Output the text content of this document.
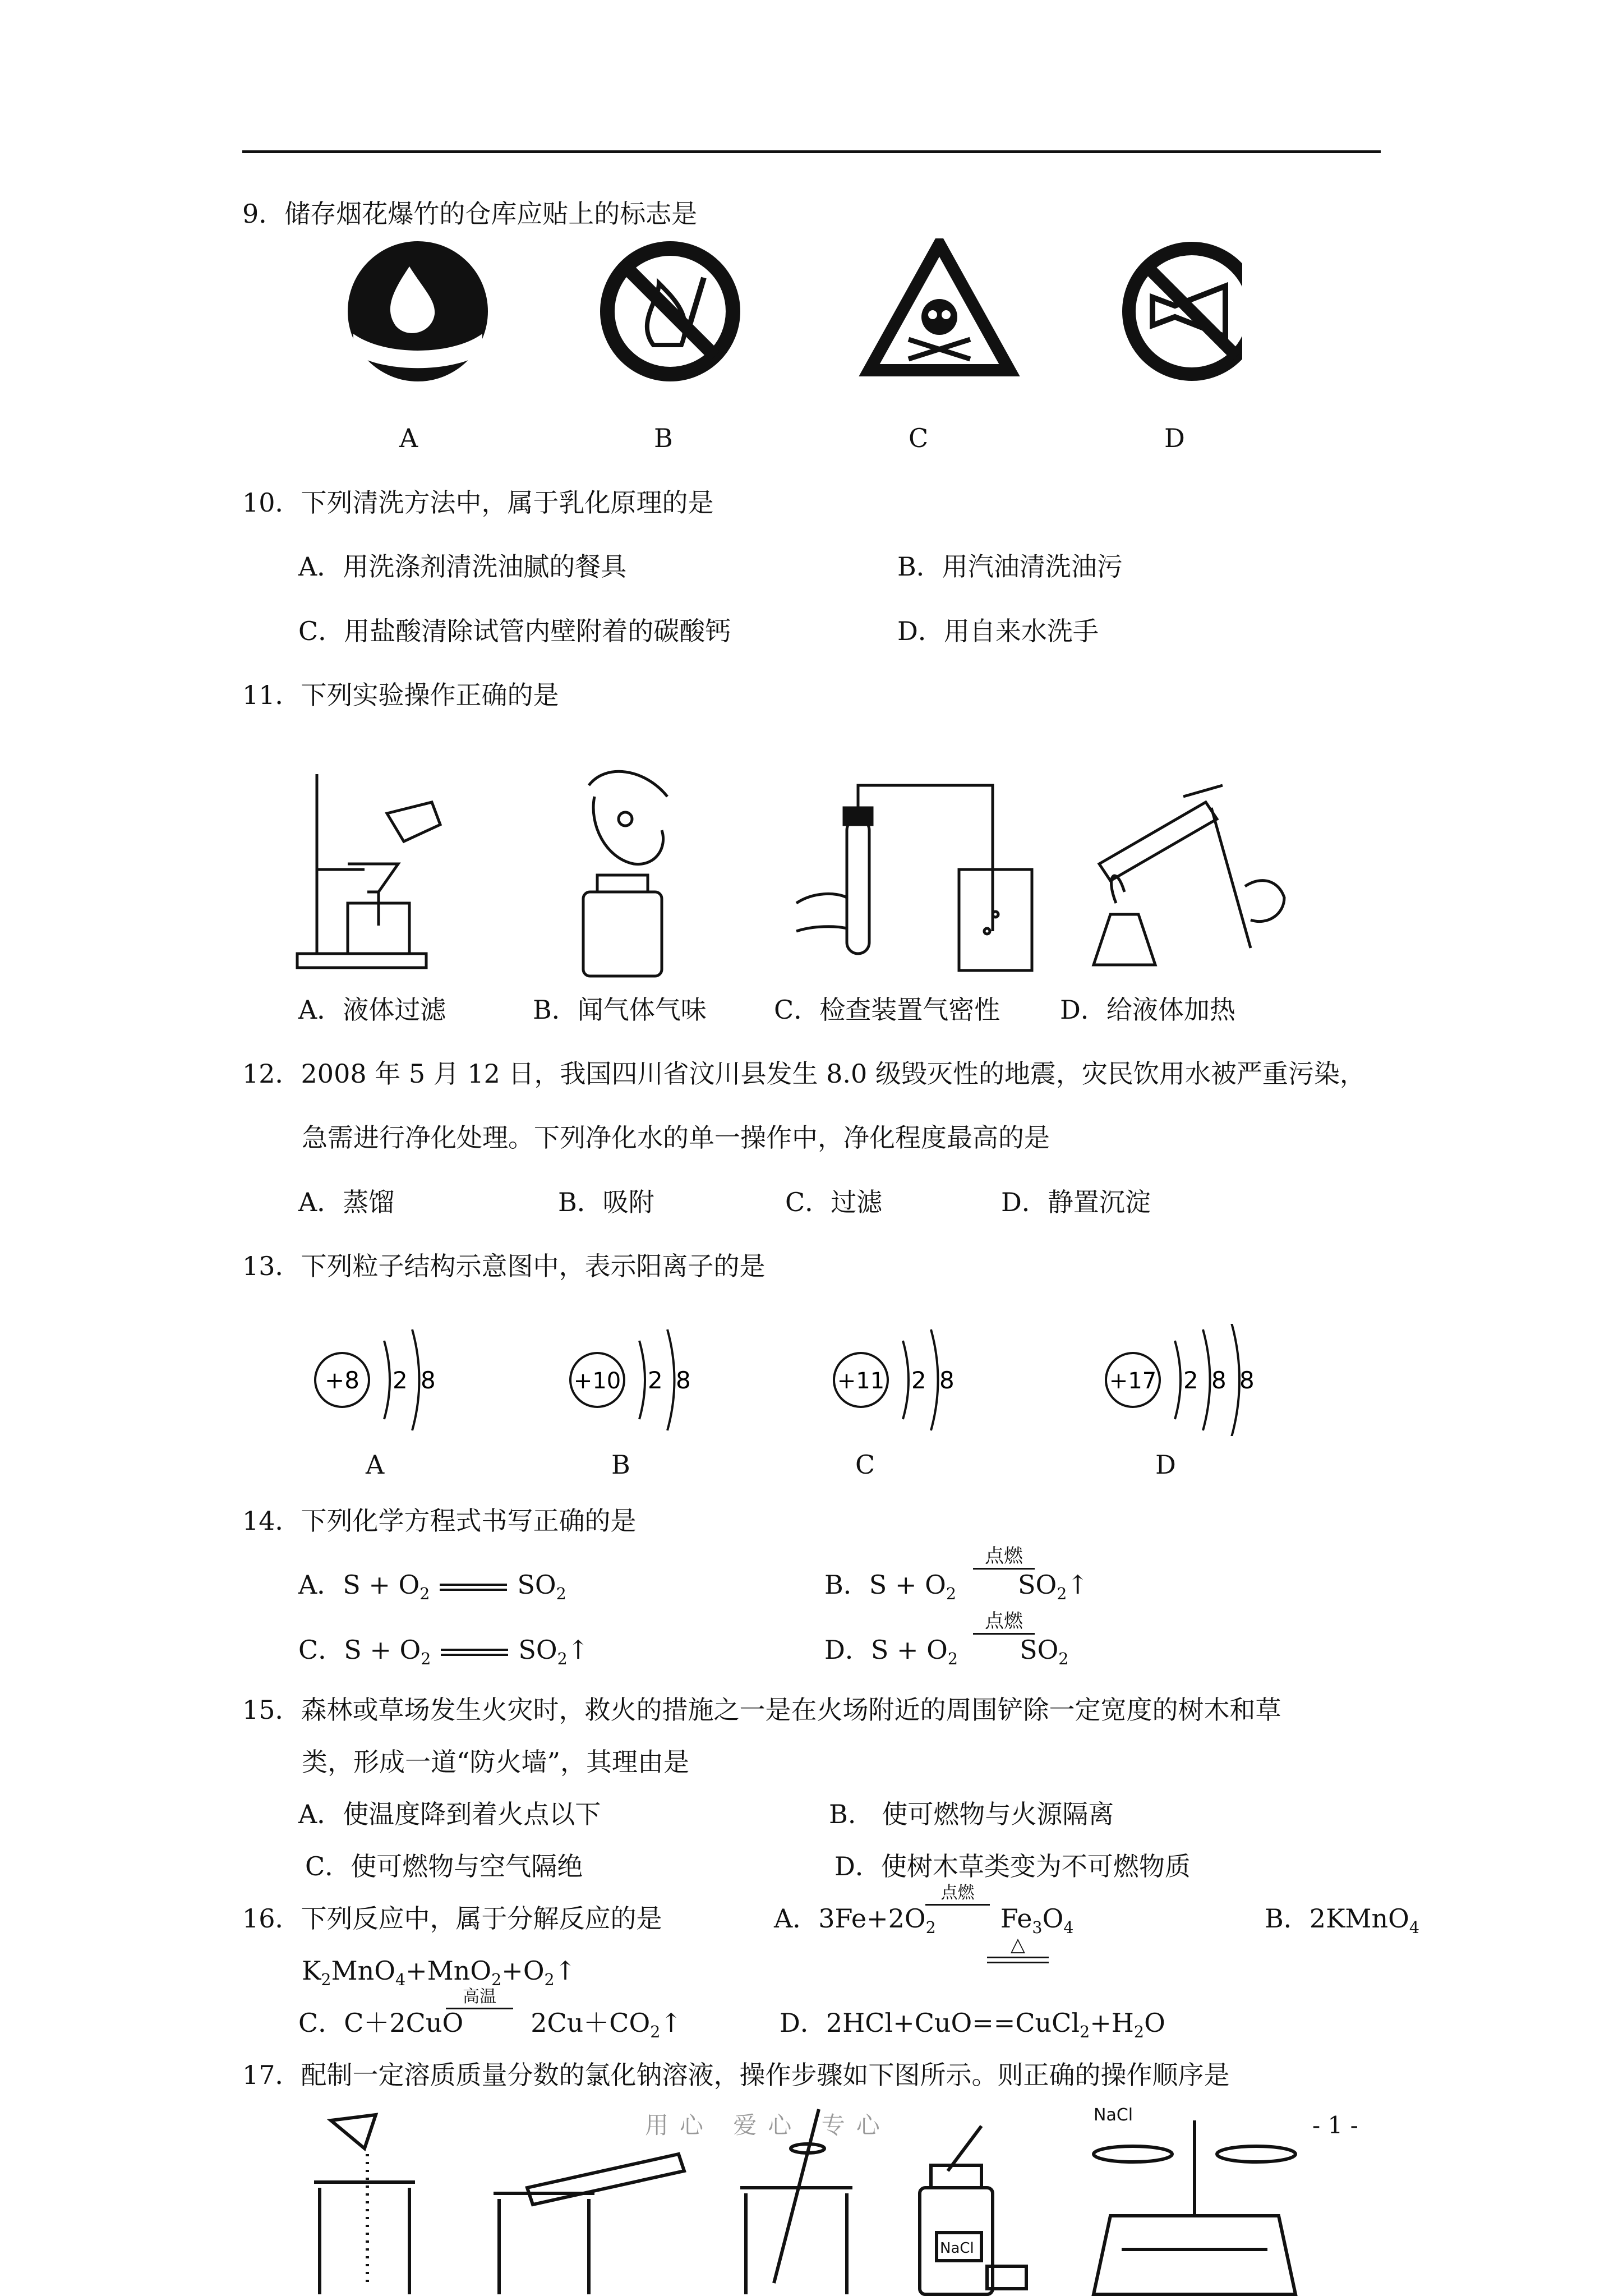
9．储存烟花爆竹的仓库应贴上的标志是
A	B	C	D
10．下列清洗方法中，属于乳化原理的是
A．用洗涤剂清洗油腻的餐具	B．用汽油清洗油污
C．用盐酸清除试管内壁附着的碳酸钙	D．用自来水洗手
11．下列实验操作正确的是
A．液体过滤	B．闻气体气味	C．检查装置气密性 D．给液体加热
12．2008 年 5 月 12 日，我国四川省汶川县发生 8.0 级毁灭性的地震，灾民饮用水被严重污染，
急需进行净化处理。下列净化水的单一操作中，净化程度最高的是
A．蒸馏	B．吸附	C．过滤	D．静置沉淀
13．下列粒子结构示意图中，表示阳离子的是
+8 2 8	+10 2 8	+11 2 8	+17 2 8 8
A	B	C	D
14．下列化学方程式书写正确的是
A．$S + O_2$	$SO_2$	B．$S + O_2$ $SO_2↑$
点燃
C．$S + O_2$	$SO_2↑$	D．$S + O_2$ $SO_2$
点燃
15．森林或草场发生火灾时，救火的措施之一是在火场附近的周围铲除一定宽度的树木和草
类，形成一道“防火墙”，其理由是
A．使温度降到着火点以下	B.　使可燃物与火源隔离
C．使可燃物与空气隔绝	D．使树木草类变为不可燃物质
16．下列反应中，属于分解反应的是	A．$3Fe+2O_2$	$Fe_3O_4$
点燃
B．2KMnO$_4$
△
$K_2MnO_4+MnO_2+O_2↑$
C．C＋2CuO	$2Cu+CO_2↑$
高温
D．$2HCl+CuO==CuCl_2+H_2O$
17．配制一定溶质质量分数的氯化钠溶液，操作步骤如下图所示。则正确的操作顺序是
NaCl
NaCl
用心 爱心 专心	- 1 -
